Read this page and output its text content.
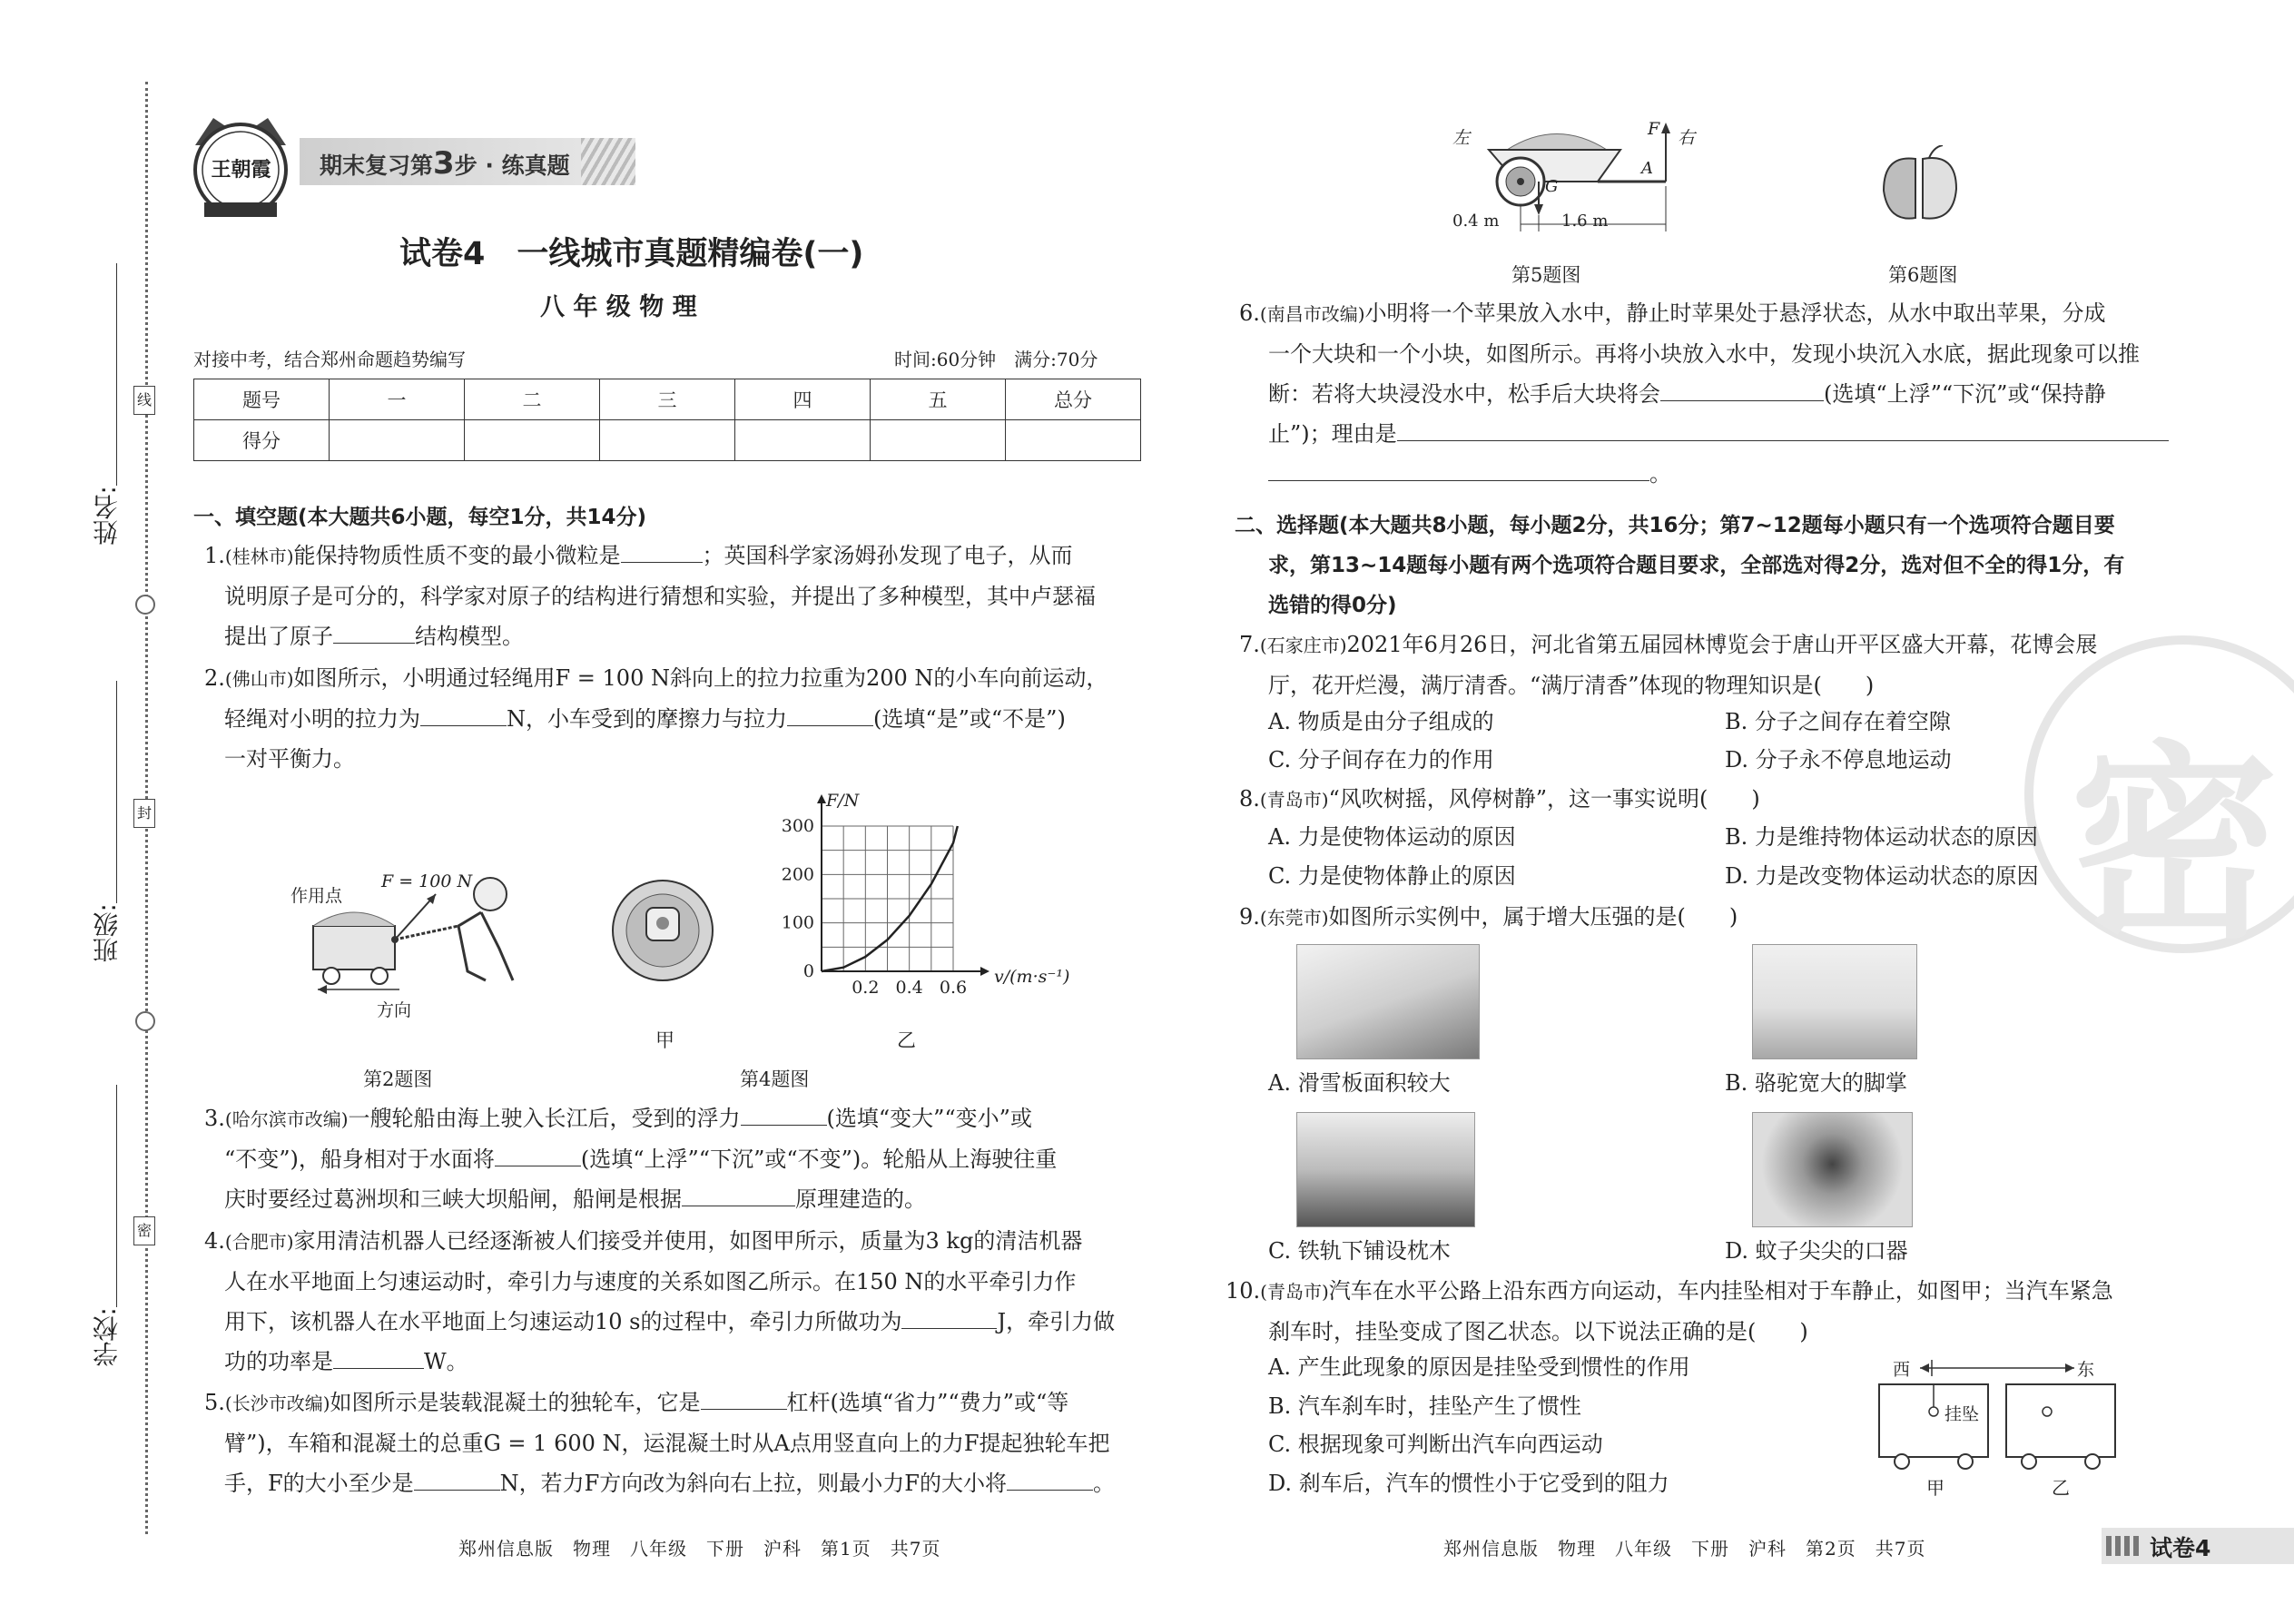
线
封
密
姓名:
班级:
学校:
王朝霞 期末复习第3步 · 练真题
试卷4　一线城市真题精编卷(一)
八 年 级 物 理
对接中考，结合郑州命题趋势编写	时间:60分钟　满分:70分
题号	一	二	三	四	五	总分
得分						
一、填空题(本大题共6小题，每空1分，共14分)
1.(桂林市)能保持物质性质不变的最小微粒是	；英国科学家汤姆孙发现了电子，从而
说明原子是可分的，科学家对原子的结构进行猜想和实验，并提出了多种模型，其中卢瑟福
提出了原子	结构模型。
2.(佛山市)如图所示，小明通过轻绳用F = 100 N斜向上的拉力拉重为200 N的小车向前运动，
轻绳对小明的拉力为	N，小车受到的摩擦力与拉力	(选填“是”或“不是”)
一对平衡力。
作用点
F = 100 N
方向
甲
0.2 0.4 0.6
100
200
300
0
F/N
v/(m·s⁻¹)
乙
第2题图	第4题图
3.(哈尔滨市改编)一艘轮船由海上驶入长江后，受到的浮力	(选填“变大”“变小”或
“不变”)，船身相对于水面将	(选填“上浮”“下沉”或“不变”)。轮船从上海驶往重
庆时要经过葛洲坝和三峡大坝船闸，船闸是根据	原理建造的。
4.(合肥市)家用清洁机器人已经逐渐被人们接受并使用，如图甲所示，质量为3 kg的清洁机器
人在水平地面上匀速运动时，牵引力与速度的关系如图乙所示。在150 N的水平牵引力作
用下，该机器人在水平地面上匀速运动10 s的过程中，牵引力所做功为	J，牵引力做
功的功率是	W。
5.(长沙市改编)如图所示是装载混凝土的独轮车，它是	杠杆(选填“省力”“费力”或“等
臂”)，车箱和混凝土的总重G = 1 600 N，运混凝土时从A点用竖直向上的力F提起独轮车把
手，F的大小至少是	N，若力F方向改为斜向右上拉，则最小力F的大小将	。
郑州信息版　物理　八年级　下册　沪科　第1页　共7页
密
左	右
F
A
G
0.4 m	1.6 m
第5题图	第6题图
6.(南昌市改编)小明将一个苹果放入水中，静止时苹果处于悬浮状态，从水中取出苹果，分成
一个大块和一个小块，如图所示。再将小块放入水中，发现小块沉入水底，据此现象可以推
断：若将大块浸没水中，松手后大块将会	(选填“上浮”“下沉”或“保持静
止”)；理由是
。
二、选择题(本大题共8小题，每小题2分，共16分；第7~12题每小题只有一个选项符合题目要
求，第13~14题每小题有两个选项符合题目要求，全部选对得2分，选对但不全的得1分，有
选错的得0分)
7.(石家庄市)2021年6月26日，河北省第五届园林博览会于唐山开平区盛大开幕，花博会展
厅，花开烂漫，满厅清香。“满厅清香”体现的物理知识是(　　)
A. 物质是由分子组成的	B. 分子之间存在着空隙
C. 分子间存在力的作用	D. 分子永不停息地运动
8.(青岛市)“风吹树摇，风停树静”，这一事实说明(　　)
A. 力是使物体运动的原因	B. 力是维持物体运动状态的原因
C. 力是使物体静止的原因	D. 力是改变物体运动状态的原因
9.(东莞市)如图所示实例中，属于增大压强的是(　　)
A. 滑雪板面积较大	B. 骆驼宽大的脚掌
C. 铁轨下铺设枕木	D. 蚊子尖尖的口器
10.(青岛市)汽车在水平公路上沿东西方向运动，车内挂坠相对于车静止，如图甲；当汽车紧急
刹车时，挂坠变成了图乙状态。以下说法正确的是(　　)
A. 产生此现象的原因是挂坠受到惯性的作用
B. 汽车刹车时，挂坠产生了惯性
C. 根据现象可判断出汽车向西运动
D. 刹车后，汽车的惯性小于它受到的阻力
西	东
挂坠
甲	乙
郑州信息版　物理　八年级　下册　沪科　第2页　共7页	试卷4
